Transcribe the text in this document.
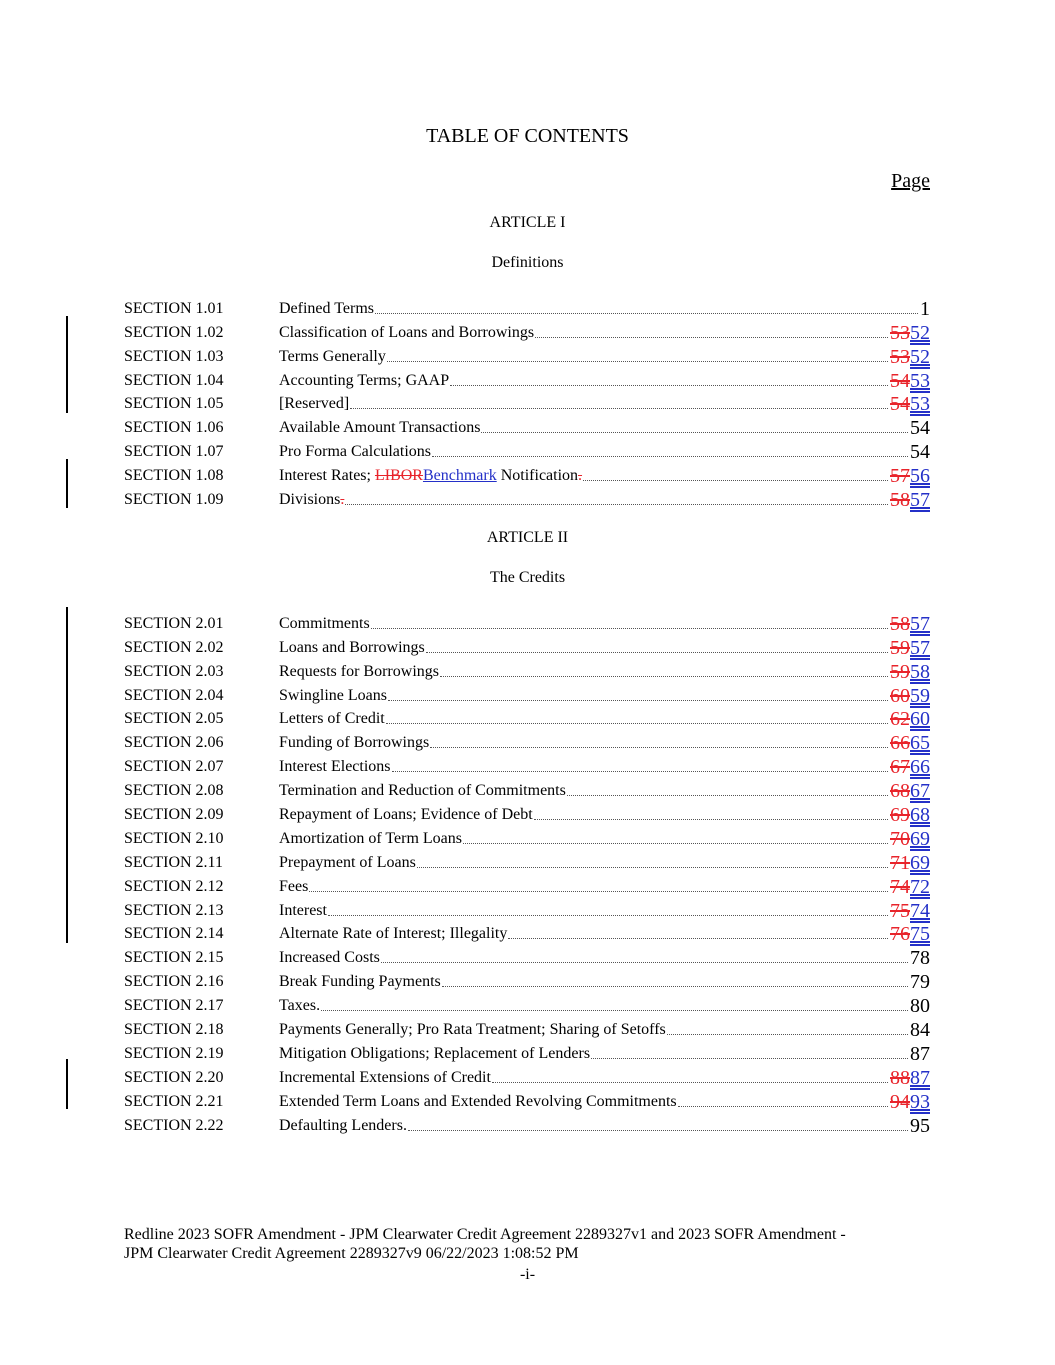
TABLE OF CONTENTS
Page
ARTICLE I
Definitions
SECTION 1.01	Defined Terms	1
SECTION 1.02	Classification of Loans and Borrowings	5352
SECTION 1.03	Terms Generally	5352
SECTION 1.04	Accounting Terms; GAAP	5453
SECTION 1.05	[Reserved]	5453
SECTION 1.06	Available Amount Transactions	54
SECTION 1.07	Pro Forma Calculations	54
SECTION 1.08	Interest Rates; LIBORBenchmark Notification.	5756
SECTION 1.09	Divisions.	5857
ARTICLE II
The Credits
SECTION 2.01	Commitments	5857
SECTION 2.02	Loans and Borrowings	5957
SECTION 2.03	Requests for Borrowings	5958
SECTION 2.04	Swingline Loans	6059
SECTION 2.05	Letters of Credit	6260
SECTION 2.06	Funding of Borrowings	6665
SECTION 2.07	Interest Elections	6766
SECTION 2.08	Termination and Reduction of Commitments	6867
SECTION 2.09	Repayment of Loans; Evidence of Debt	6968
SECTION 2.10	Amortization of Term Loans	7069
SECTION 2.11	Prepayment of Loans	7169
SECTION 2.12	Fees	7472
SECTION 2.13	Interest	7574
SECTION 2.14	Alternate Rate of Interest; Illegality	7675
SECTION 2.15	Increased Costs	78
SECTION 2.16	Break Funding Payments	79
SECTION 2.17	Taxes.	80
SECTION 2.18	Payments Generally; Pro Rata Treatment; Sharing of Setoffs	84
SECTION 2.19	Mitigation Obligations; Replacement of Lenders	87
SECTION 2.20	Incremental Extensions of Credit	8887
SECTION 2.21	Extended Term Loans and Extended Revolving Commitments	9493
SECTION 2.22	Defaulting Lenders.	95
Redline 2023 SOFR Amendment - JPM Clearwater Credit Agreement 2289327v1 and 2023 SOFR Amendment -
JPM Clearwater Credit Agreement 2289327v9 06/22/2023 1:08:52 PM
-i-
